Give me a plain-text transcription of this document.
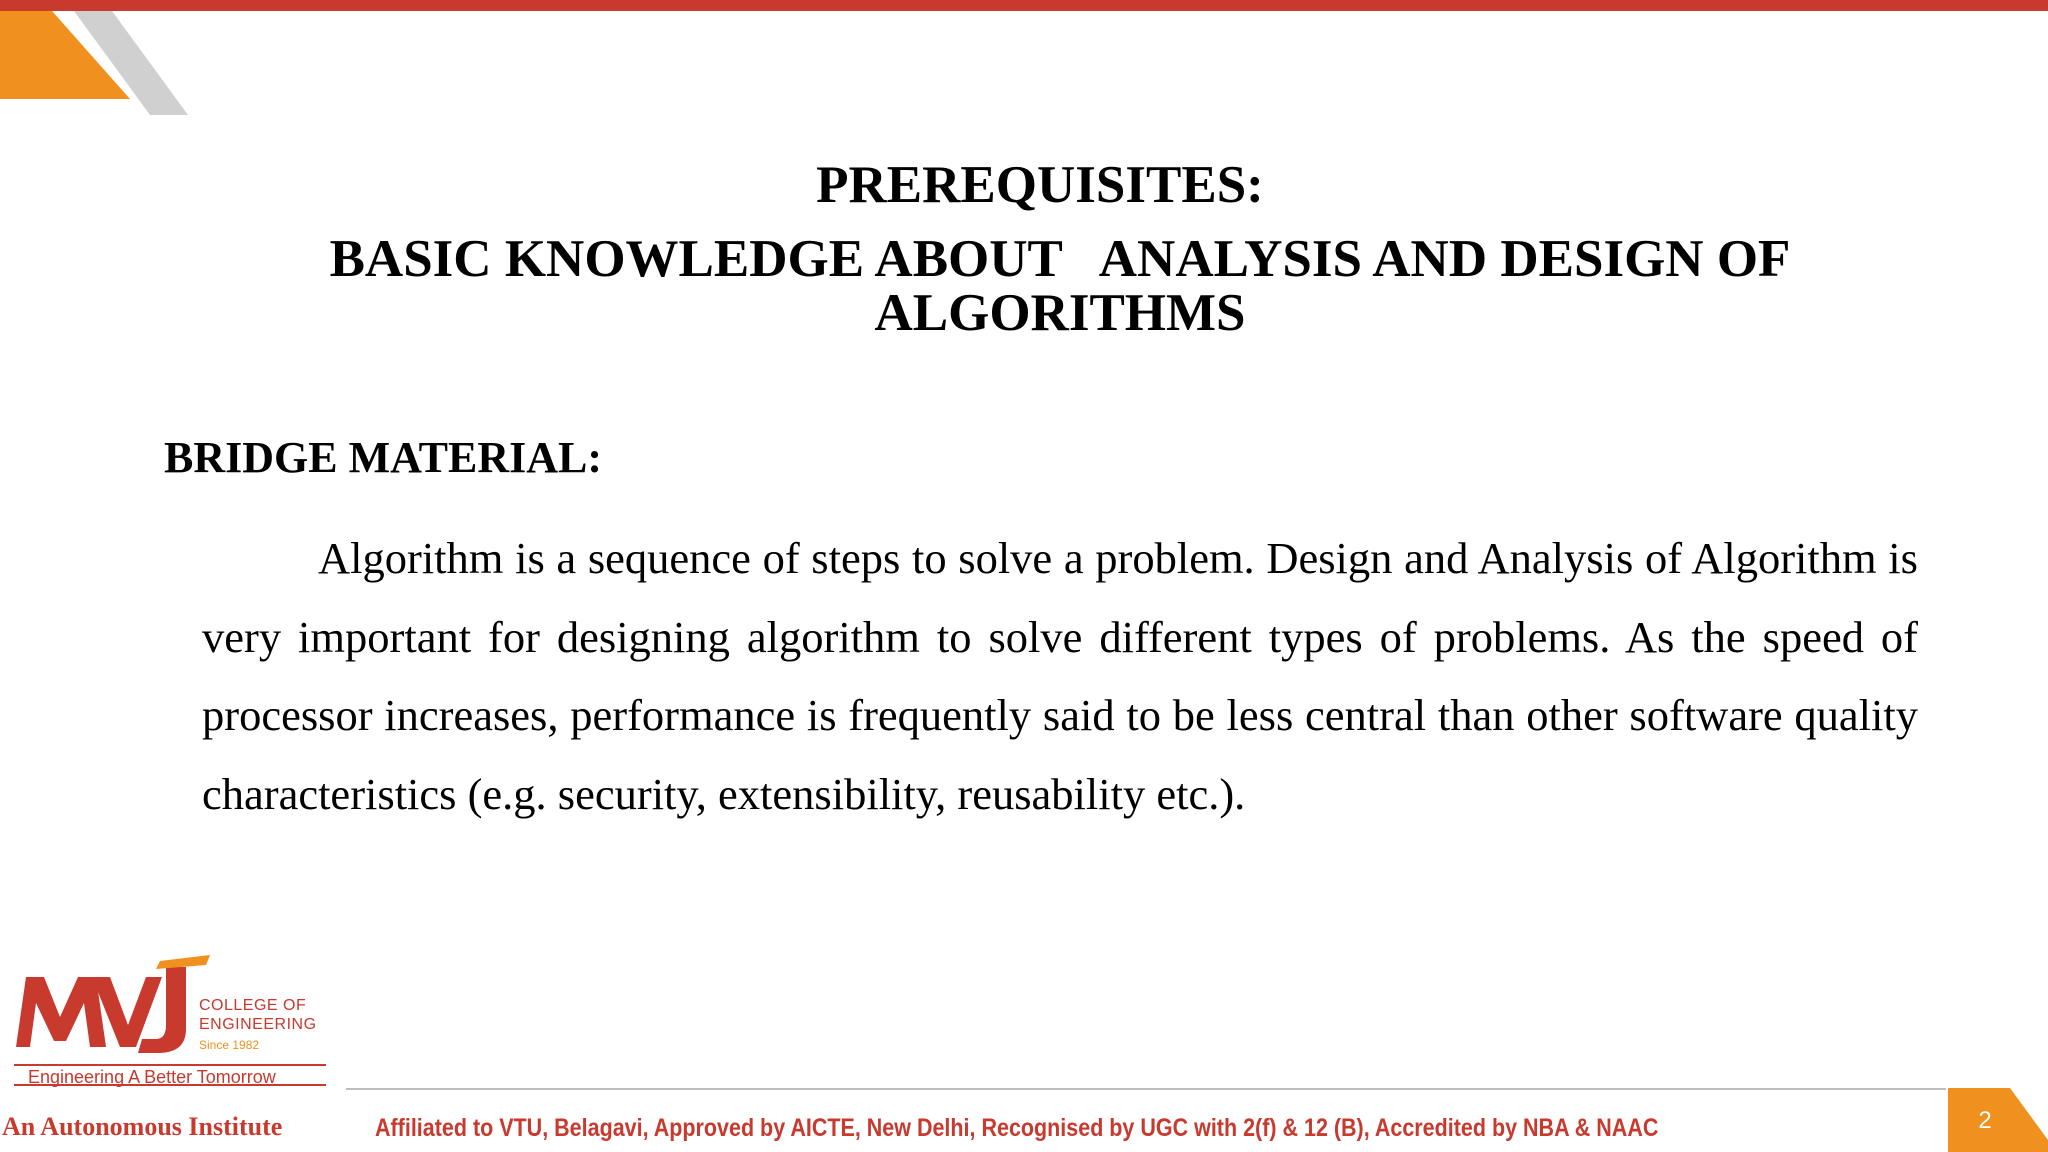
PREREQUISITES:
BASIC KNOWLEDGE ABOUT   ANALYSIS AND DESIGN OF ALGORITHMS
BRIDGE MATERIAL:

Algorithm is a sequence of steps to solve a problem. Design and Analysis of Algorithm is very important for designing algorithm to solve different types of problems. As the speed of processor increases, performance is frequently said to be less central than other software quality characteristics (e.g. security, extensibility, reusability etc.).

COLLEGE OF
ENGINEERING
Since 1982
Engineering A Better Tomorrow
An Autonomous Institute	Affiliated to VTU, Belagavi, Approved by AICTE, New Delhi, Recognised by UGC with 2(f) & 12 (B), Accredited by NBA & NAAC	2
